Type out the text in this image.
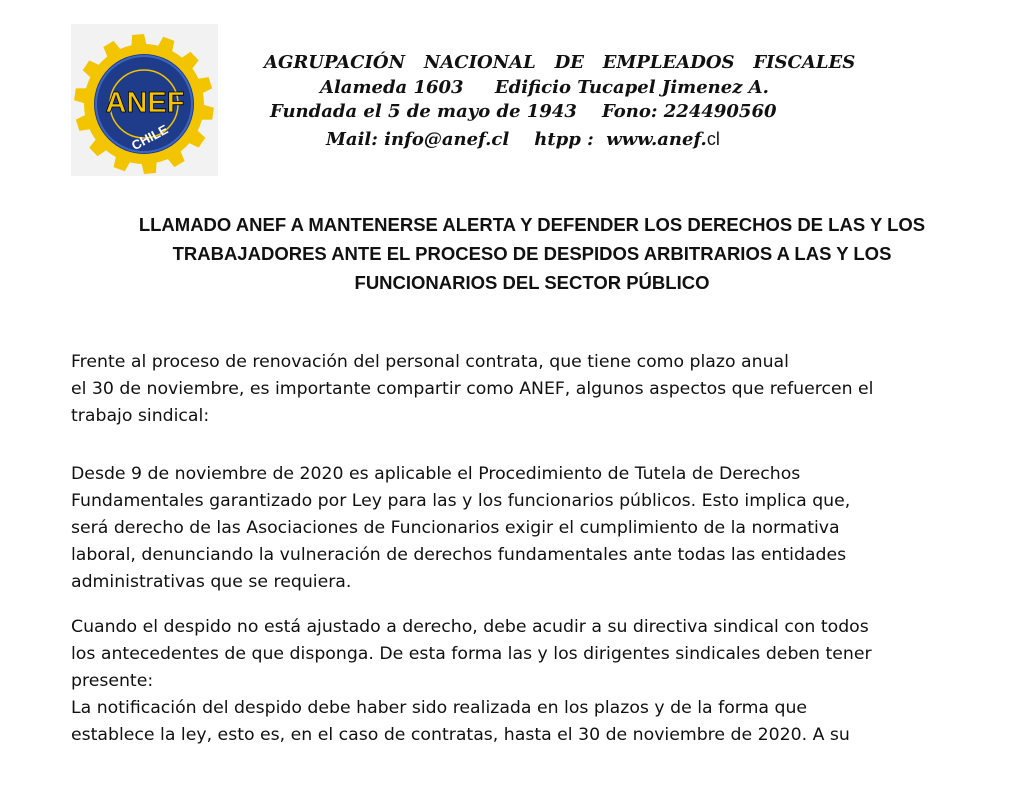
ANEF
CHILE
AGRUPACIÓN   NACIONAL   DE   EMPLEADOS   FISCALES
Alameda 1603     Edificio Tucapel Jimenez A.
Fundada el 5 de mayo de 1943    Fono: 224490560
Mail: info@anef.cl    htpp :  www.anef.cl
LLAMADO ANEF A MANTENERSE ALERTA Y DEFENDER LOS DERECHOS DE LAS Y LOS
TRABAJADORES ANTE EL PROCESO DE DESPIDOS ARBITRARIOS A LAS Y LOS
FUNCIONARIOS DEL SECTOR PÚBLICO
Frente al proceso de renovación del personal contrata, que tiene como plazo anual
el 30 de noviembre, es importante compartir como ANEF, algunos aspectos que refuercen el
trabajo sindical:
Desde 9 de noviembre de 2020 es aplicable el Procedimiento de Tutela de Derechos
Fundamentales garantizado por Ley para las y los funcionarios públicos. Esto implica que,
será derecho de las Asociaciones de Funcionarios exigir el cumplimiento de la normativa
laboral, denunciando la vulneración de derechos fundamentales ante todas las entidades
administrativas que se requiera.
Cuando el despido no está ajustado a derecho, debe acudir a su directiva sindical con todos
los antecedentes de que disponga. De esta forma las y los dirigentes sindicales deben tener
presente:
La notificación del despido debe haber sido realizada en los plazos y de la forma que
establece la ley, esto es, en el caso de contratas, hasta el 30 de noviembre de 2020. A su
